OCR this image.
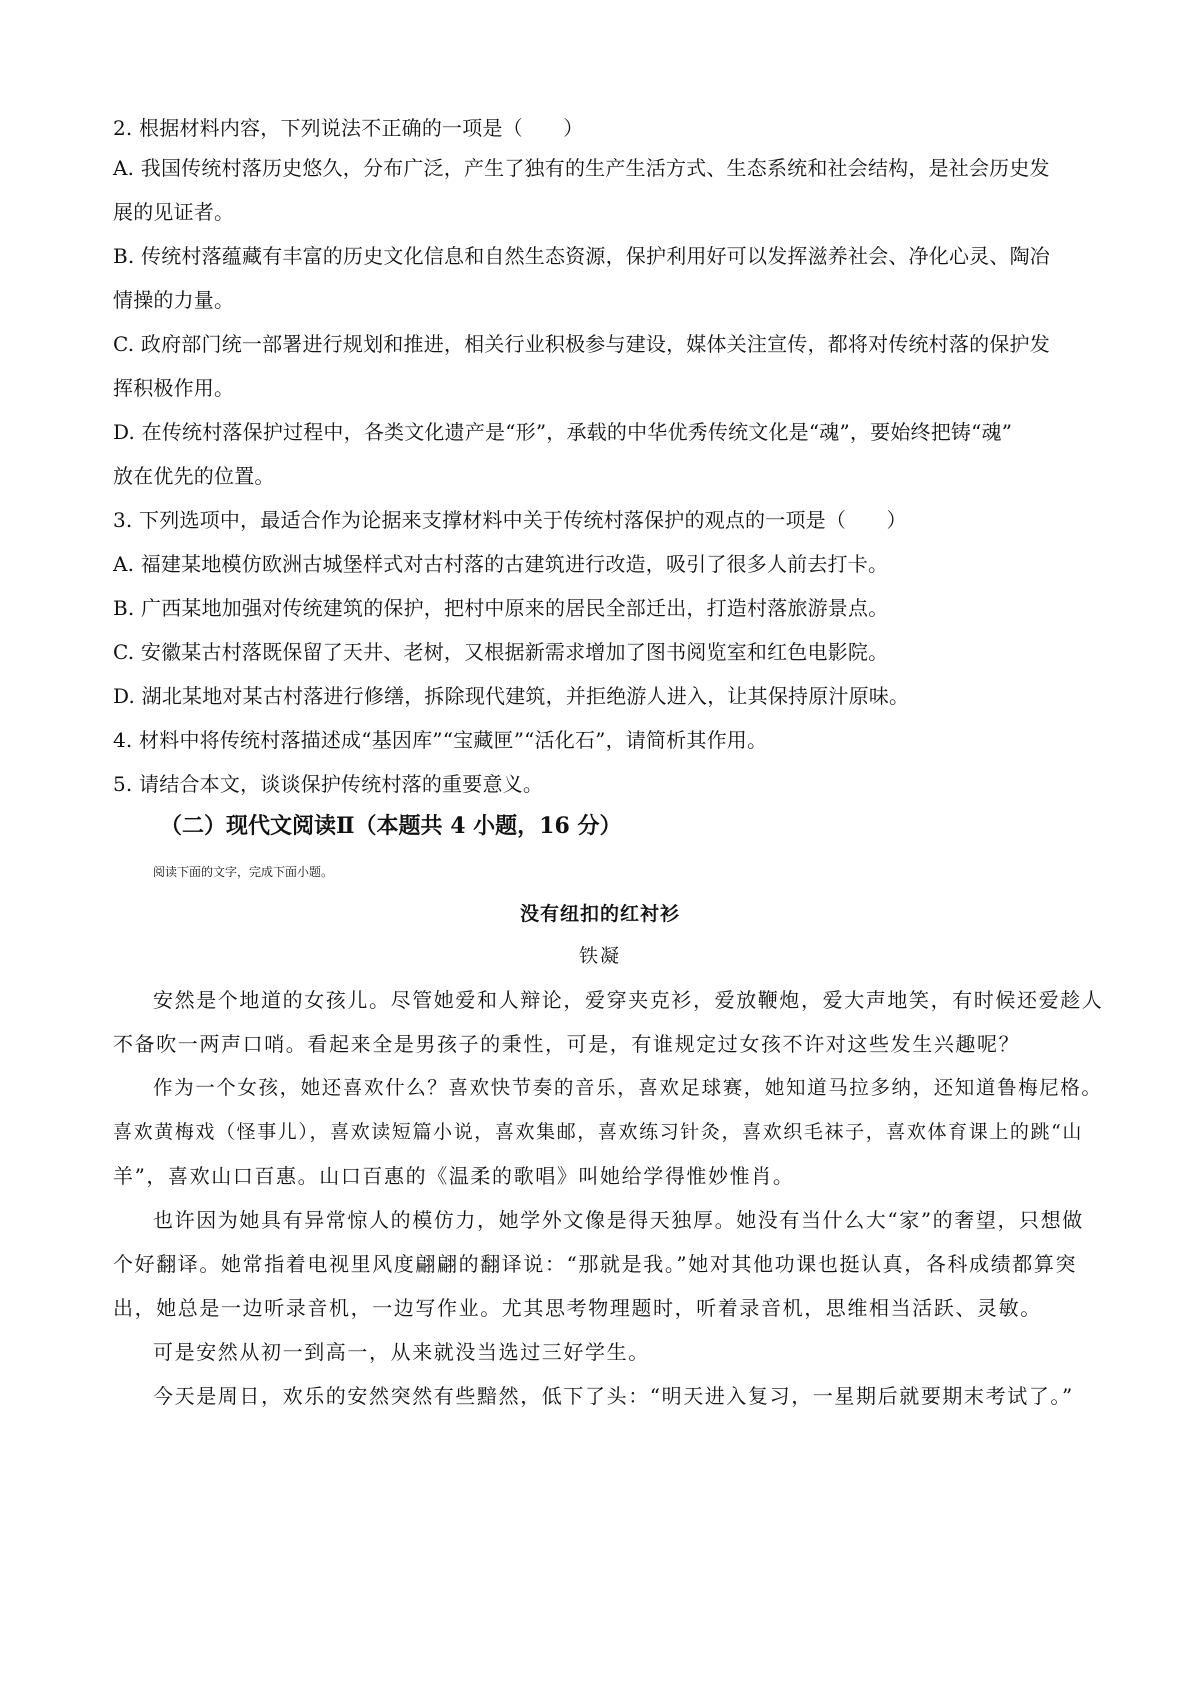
2. 根据材料内容，下列说法不正确的一项是（　　）
A. 我国传统村落历史悠久，分布广泛，产生了独有的生产生活方式、生态系统和社会结构，是社会历史发
展的见证者。
B. 传统村落蕴藏有丰富的历史文化信息和自然生态资源，保护利用好可以发挥滋养社会、净化心灵、陶冶
情操的力量。
C. 政府部门统一部署进行规划和推进，相关行业积极参与建设，媒体关注宣传，都将对传统村落的保护发
挥积极作用。
D. 在传统村落保护过程中，各类文化遗产是“形”，承载的中华优秀传统文化是“魂”，要始终把铸“魂”
放在优先的位置。
3. 下列选项中，最适合作为论据来支撑材料中关于传统村落保护的观点的一项是（　　）
A. 福建某地模仿欧洲古城堡样式对古村落的古建筑进行改造，吸引了很多人前去打卡。
B. 广西某地加强对传统建筑的保护，把村中原来的居民全部迁出，打造村落旅游景点。
C. 安徽某古村落既保留了天井、老树，又根据新需求增加了图书阅览室和红色电影院。
D. 湖北某地对某古村落进行修缮，拆除现代建筑，并拒绝游人进入，让其保持原汁原味。
4. 材料中将传统村落描述成“基因库”“宝藏匣”“活化石”，请简析其作用。
5. 请结合本文，谈谈保护传统村落的重要意义。
（二）现代文阅读Ⅱ（本题共 4 小题，16 分）
阅读下面的文字，完成下面小题。
没有纽扣的红衬衫
铁凝
安然是个地道的女孩儿。尽管她爱和人辩论，爱穿夹克衫，爱放鞭炮，爱大声地笑，有时候还爱趁人
不备吹一两声口哨。看起来全是男孩子的秉性，可是，有谁规定过女孩不许对这些发生兴趣呢？
作为一个女孩，她还喜欢什么？喜欢快节奏的音乐，喜欢足球赛，她知道马拉多纳，还知道鲁梅尼格。
喜欢黄梅戏（怪事儿），喜欢读短篇小说，喜欢集邮，喜欢练习针灸，喜欢织毛袜子，喜欢体育课上的跳“山
羊”，喜欢山口百惠。山口百惠的《温柔的歌唱》叫她给学得惟妙惟肖。
也许因为她具有异常惊人的模仿力，她学外文像是得天独厚。她没有当什么大“家”的奢望，只想做
个好翻译。她常指着电视里风度翩翩的翻译说：“那就是我。”她对其他功课也挺认真，各科成绩都算突
出，她总是一边听录音机，一边写作业。尤其思考物理题时，听着录音机，思维相当活跃、灵敏。
可是安然从初一到高一，从来就没当选过三好学生。
今天是周日，欢乐的安然突然有些黯然，低下了头：“明天进入复习，一星期后就要期末考试了。”
